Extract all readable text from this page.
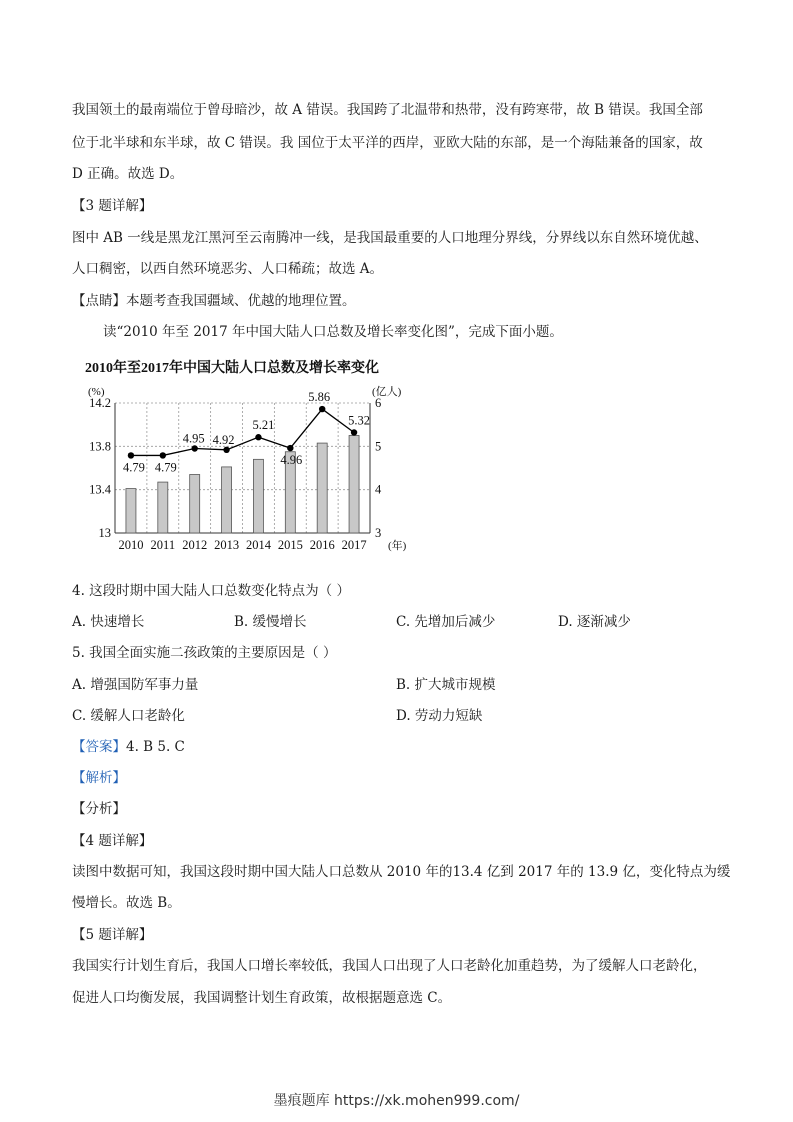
我国领土的最南端位于曾母暗沙，故 A 错误。我国跨了北温带和热带，没有跨寒带，故 B 错误。我国全部
位于北半球和东半球，故 C 错误。我 国位于太平洋的西岸，亚欧大陆的东部，是一个海陆兼备的国家，故
D 正确。故选 D。
【3 题详解】
图中 AB 一线是黑龙江黑河至云南腾冲一线，是我国最重要的人口地理分界线，分界线以东自然环境优越、
人口稠密，以西自然环境恶劣、人口稀疏；故选 A。
【点睛】本题考查我国疆域、优越的地理位置。
读“2010 年至 2017 年中国大陆人口总数及增长率变化图”，完成下面小题。
2010年至2017年中国大陆人口总数及增长率变化
(%)	(亿人)
4.79 4.79
4.95 4.92
5.21
4.96
5.86
5.32
13
13.4
13.8
14.2
3
4
5
6
2010 2011 2012 2013 2014 2015 2016 2017 (年)
4. 这段时期中国大陆人口总数变化特点为（ ）
A. 快速增长	B. 缓慢增长	C. 先增加后减少	D. 逐渐减少
5. 我国全面实施二孩政策的主要原因是（ ）
A. 增强国防军事力量	B. 扩大城市规模
C. 缓解人口老龄化	D. 劳动力短缺
【答案】4. B 5. C
【解析】
【分析】
【4 题详解】
读图中数据可知，我国这段时期中国大陆人口总数从 2010 年的13.4 亿到 2017 年的 13.9 亿，变化特点为缓
慢增长。故选 B。
【5 题详解】
我国实行计划生育后，我国人口增长率较低，我国人口出现了人口老龄化加重趋势，为了缓解人口老龄化，
促进人口均衡发展，我国调整计划生育政策，故根据题意选 C。
墨痕题库 https://xk.mohen999.com/
